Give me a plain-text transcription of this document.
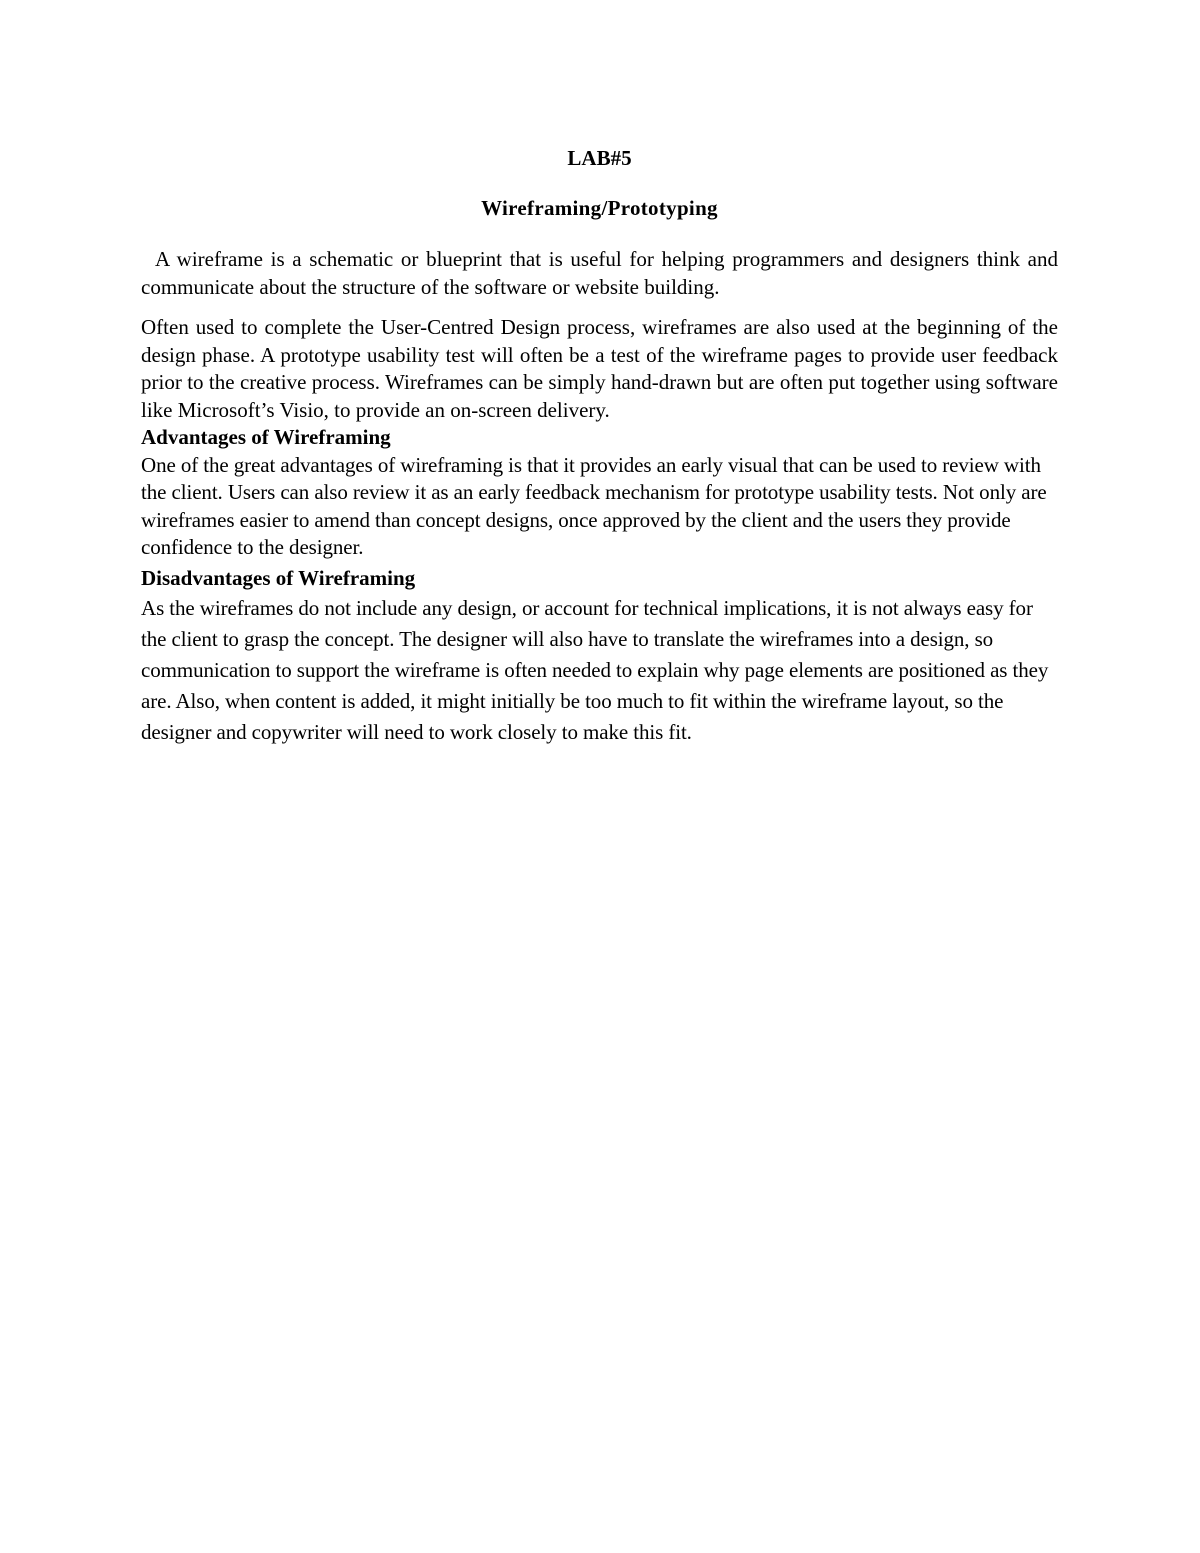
LAB#5
Wireframing/Prototyping

A wireframe is a schematic or blueprint that is useful for helping programmers and designers think and communicate about the structure of the software or website building.

Often used to complete the User-Centred Design process, wireframes are also used at the beginning of the design phase. A prototype usability test will often be a test of the wireframe pages to provide user feedback prior to the creative process. Wireframes can be simply hand-drawn but are often put together using software like Microsoft’s Visio, to provide an on-screen delivery.

Advantages of Wireframing

One of the great advantages of wireframing is that it provides an early visual that can be used to review with the client. Users can also review it as an early feedback mechanism for prototype usability tests. Not only are wireframes easier to amend than concept designs, once approved by the client and the users they provide confidence to the designer.

Disadvantages of Wireframing

As the wireframes do not include any design, or account for technical implications, it is not always easy for the client to grasp the concept. The designer will also have to translate the wireframes into a design, so communication to support the wireframe is often needed to explain why page elements are positioned as they are. Also, when content is added, it might initially be too much to fit within the wireframe layout, so the designer and copywriter will need to work closely to make this fit.
